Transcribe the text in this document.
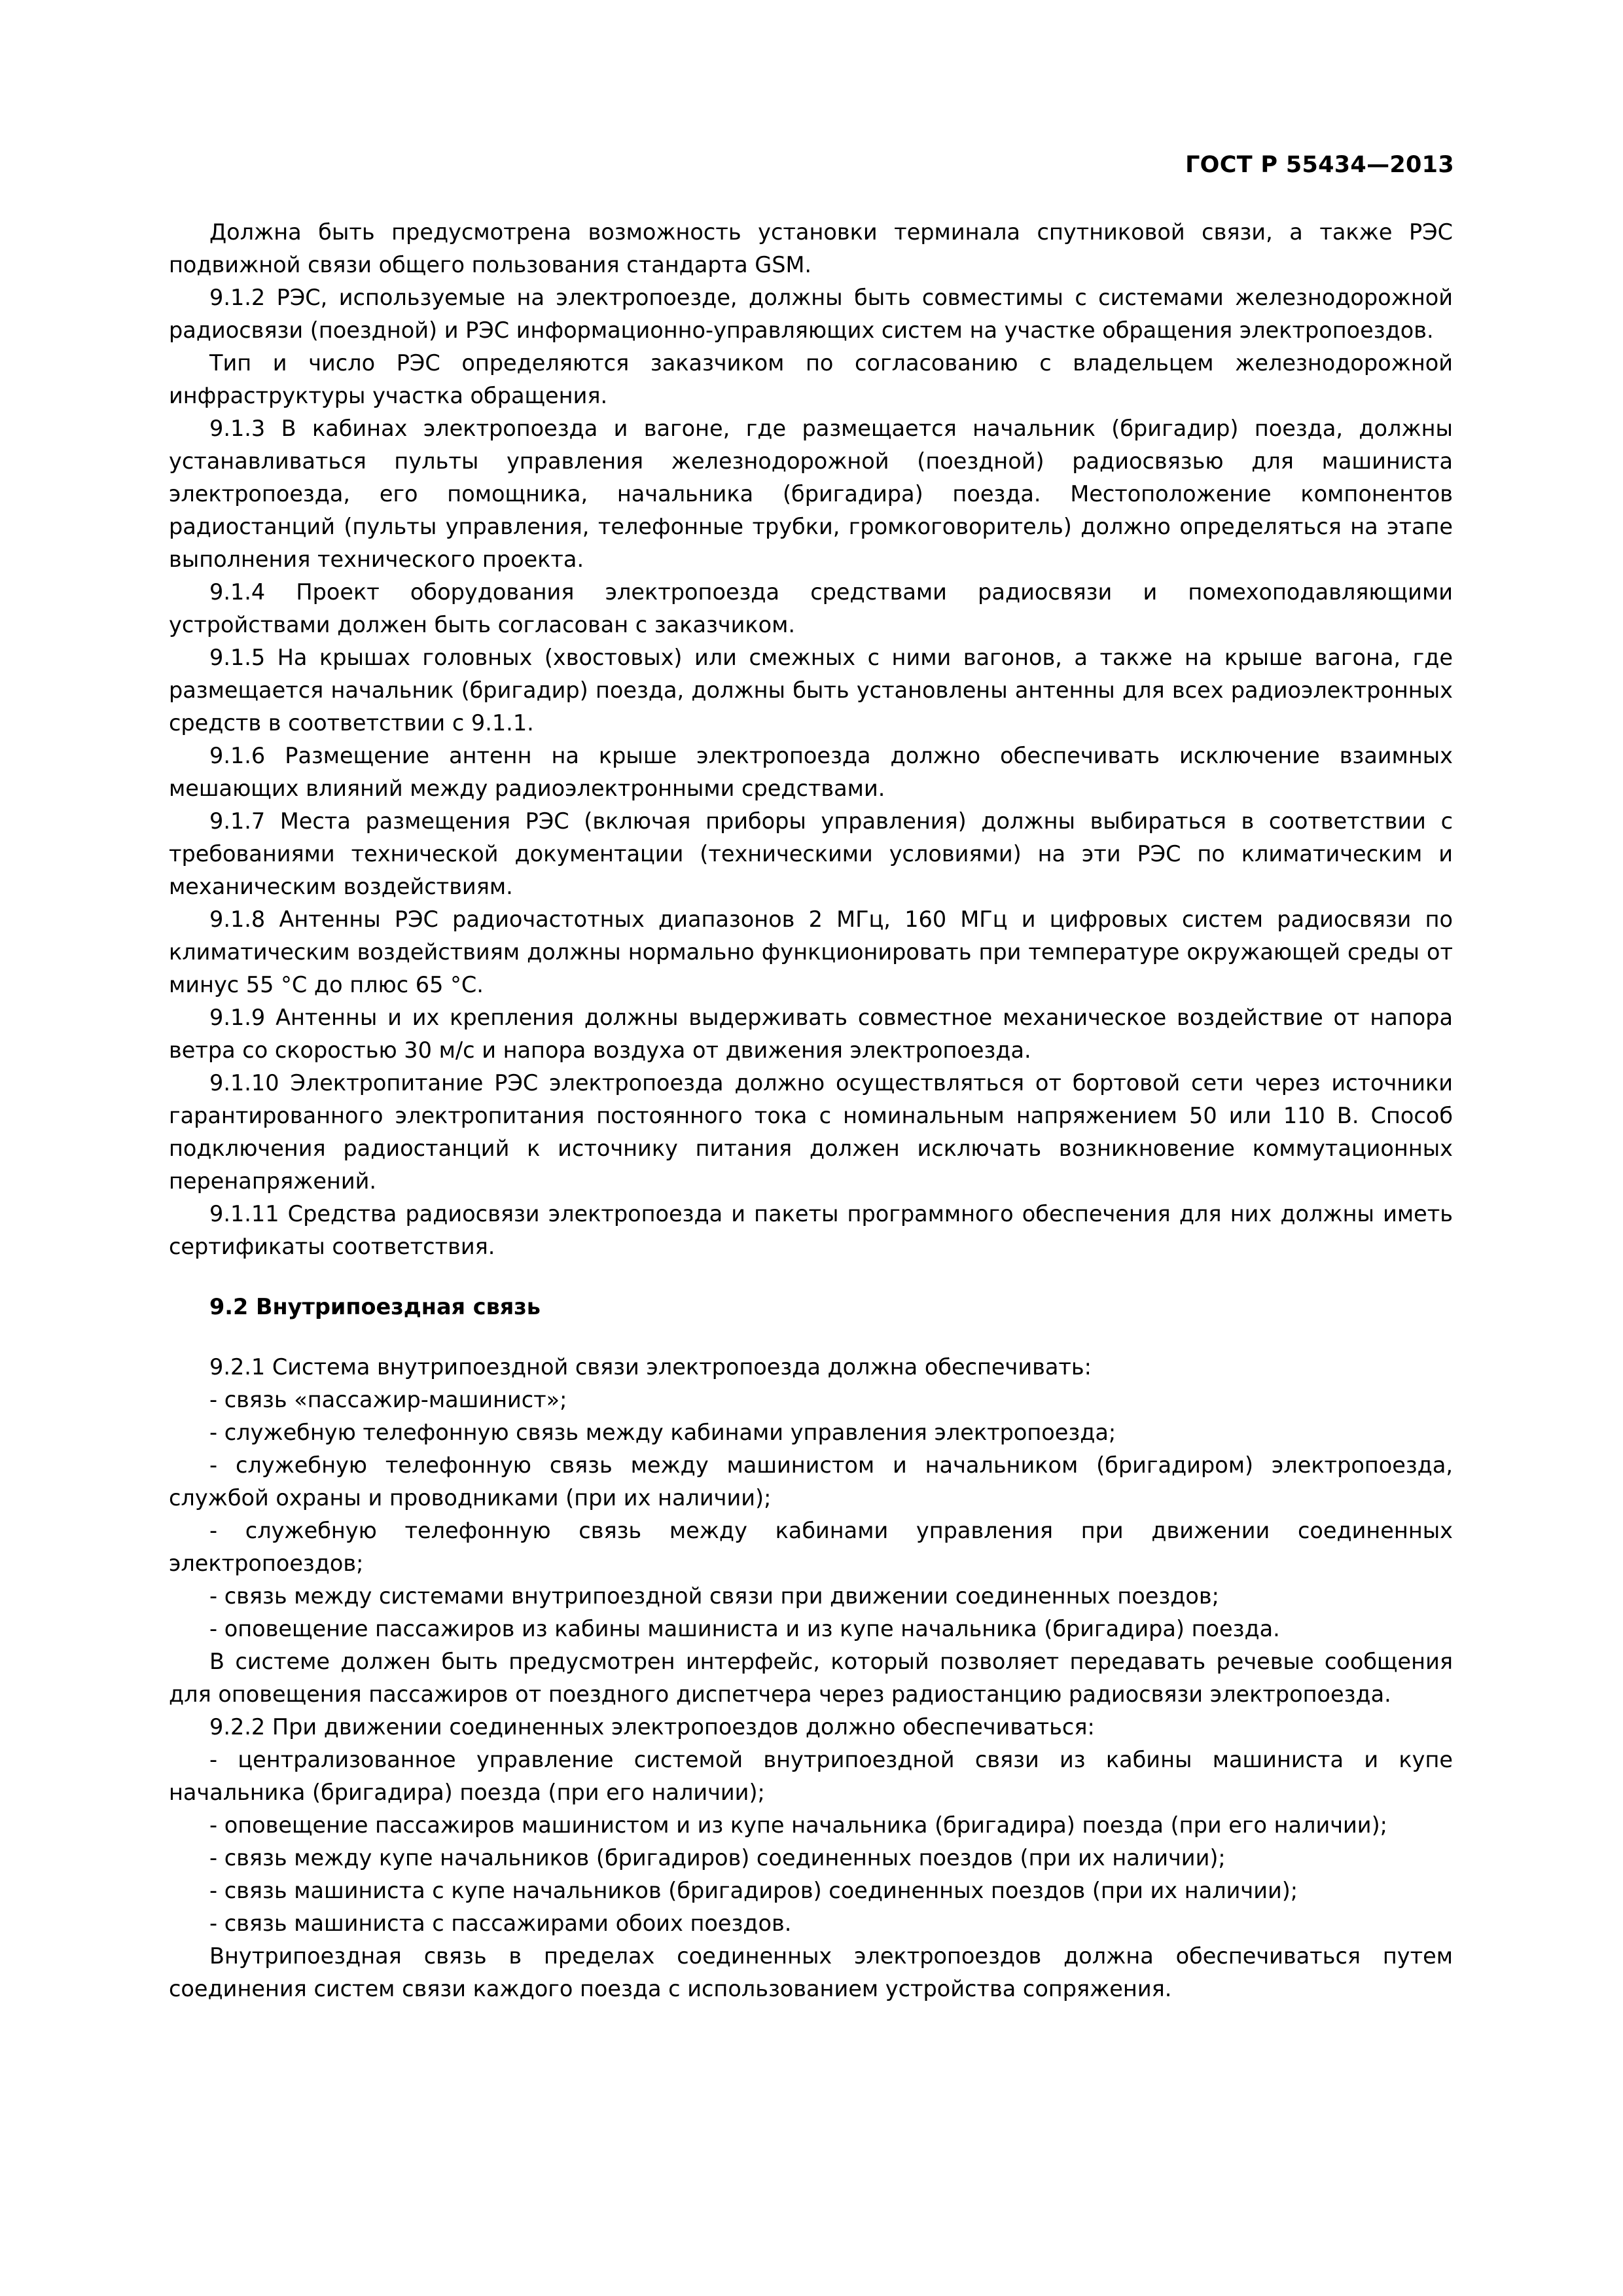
ГОСТ Р 55434—2013

Должна быть предусмотрена возможность установки терминала спутниковой связи, а также РЭС подвижной связи общего пользования стандарта GSM.

9.1.2 РЭС, используемые на электропоезде, должны быть совместимы с системами железнодорожной радиосвязи (поездной) и РЭС информационно-управляющих систем на участке обращения электропоездов.

Тип и число РЭС определяются заказчиком по согласованию с владельцем железнодорожной инфраструктуры участка обращения.

9.1.3 В кабинах электропоезда и вагоне, где размещается начальник (бригадир) поезда, должны устанавливаться пульты управления железнодорожной (поездной) радиосвязью для машиниста электропоезда, его помощника, начальника (бригадира) поезда. Местоположение компонентов радиостанций (пульты управления, телефонные трубки, громкоговоритель) должно определяться на этапе выполнения технического проекта.

9.1.4 Проект оборудования электропоезда средствами радиосвязи и помехоподавляющими устройствами должен быть согласован с заказчиком.

9.1.5 На крышах головных (хвостовых) или смежных с ними вагонов, а также на крыше вагона, где размещается начальник (бригадир) поезда, должны быть установлены антенны для всех радиоэлектронных средств в соответствии с 9.1.1.

9.1.6 Размещение антенн на крыше электропоезда должно обеспечивать исключение взаимных мешающих влияний между радиоэлектронными средствами.

9.1.7 Места размещения РЭС (включая приборы управления) должны выбираться в соответствии с требованиями технической документации (техническими условиями) на эти РЭС по климатическим и механическим воздействиям.

9.1.8 Антенны РЭС радиочастотных диапазонов 2 МГц, 160 МГц и цифровых систем радиосвязи по климатическим воздействиям должны нормально функционировать при температуре окружающей среды от минус 55 °С до плюс 65 °С.

9.1.9 Антенны и их крепления должны выдерживать совместное механическое воздействие от напора ветра со скоростью 30 м/с и напора воздуха от движения электропоезда.

9.1.10 Электропитание РЭС электропоезда должно осуществляться от бортовой сети через источники гарантированного электропитания постоянного тока с номинальным напряжением 50 или 110 В. Способ подключения радиостанций к источнику питания должен исключать возникновение коммутационных перенапряжений.

9.1.11 Средства радиосвязи электропоезда и пакеты программного обеспечения для них должны иметь сертификаты соответствия.

9.2 Внутрипоездная связь

9.2.1 Система внутрипоездной связи электропоезда должна обеспечивать:

- связь «пассажир-машинист»;

- служебную телефонную связь между кабинами управления электропоезда;

- служебную телефонную связь между машинистом и начальником (бригадиром) электропоезда, службой охраны и проводниками (при их наличии);

- служебную телефонную связь между кабинами управления при движении соединенных электропоездов;

- связь между системами внутрипоездной связи при движении соединенных поездов;

- оповещение пассажиров из кабины машиниста и из купе начальника (бригадира) поезда.

В системе должен быть предусмотрен интерфейс, который позволяет передавать речевые сообщения для оповещения пассажиров от поездного диспетчера через радиостанцию радиосвязи электропоезда.

9.2.2 При движении соединенных электропоездов должно обеспечиваться:

- централизованное управление системой внутрипоездной связи из кабины машиниста и купе начальника (бригадира) поезда (при его наличии);

- оповещение пассажиров машинистом и из купе начальника (бригадира) поезда (при его наличии);

- связь между купе начальников (бригадиров) соединенных поездов (при их наличии);

- связь машиниста с купе начальников (бригадиров) соединенных поездов (при их наличии);

- связь машиниста с пассажирами обоих поездов.

Внутрипоездная связь в пределах соединенных электропоездов должна обеспечиваться путем соединения систем связи каждого поезда с использованием устройства сопряжения.
